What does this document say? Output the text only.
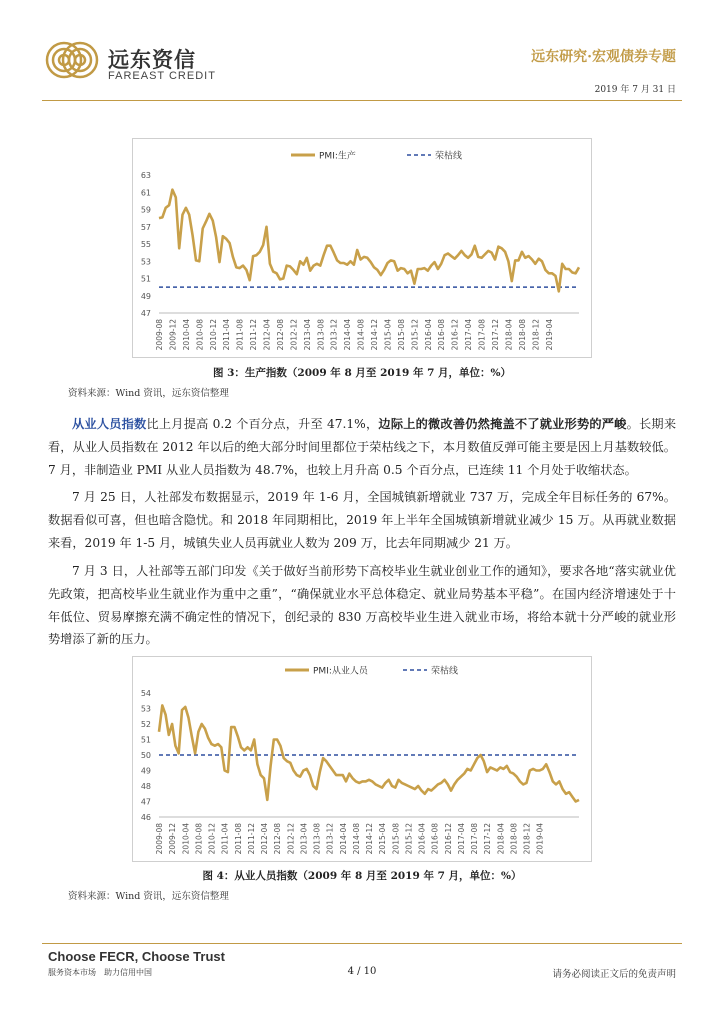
远东资信
FAREAST CREDIT
远东研究·宏观债券专题
2019 年 7 月 31 日
PMI:生产	荣枯线
47
49
51
53
55
57
59
61
63
2009-08 2009-12 2010-04 2010-08 2010-12 2011-04 2011-08 2011-12 2012-04 2012-08 2012-12 2013-04 2013-08 2013-12 2014-04 2014-08 2014-12 2015-04 2015-08 2015-12 2016-04 2016-08 2016-12 2017-04 2017-08 2017-12 2018-04 2018-08 2018-12 2019-04
图 3：生产指数（2009 年 8 月至 2019 年 7 月，单位：%）
资料来源：Wind 资讯，远东资信整理
从业人员指数比上月提高 0.2 个百分点，升至 47.1%，边际上的微改善仍然掩盖不了就业形势的严峻。长期来看，从业人员指数在 2012 年以后的绝大部分时间里都位于荣枯线之下，本月数值反弹可能主要是因上月基数较低。7 月，非制造业 PMI 从业人员指数为 48.7%，也较上月升高 0.5 个百分点，已连续 11 个月处于收缩状态。
7 月 25 日，人社部发布数据显示，2019 年 1-6 月，全国城镇新增就业 737 万，完成全年目标任务的 67%。数据看似可喜，但也暗含隐忧。和 2018 年同期相比，2019 年上半年全国城镇新增就业减少 15 万。从再就业数据来看，2019 年 1-5 月，城镇失业人员再就业人数为 209 万，比去年同期减少 21 万。
7 月 3 日，人社部等五部门印发《关于做好当前形势下高校毕业生就业创业工作的通知》，要求各地“落实就业优先政策，把高校毕业生就业作为重中之重”，“确保就业水平总体稳定、就业局势基本平稳”。在国内经济增速处于十年低位、贸易摩擦充满不确定性的情况下，创纪录的 830 万高校毕业生进入就业市场，将给本就十分严峻的就业形势增添了新的压力。
PMI:从业人员	荣枯线
46
47
48
49
50
51
52
53
54
2009-08 2009-12 2010-04 2010-08 2010-12 2011-04 2011-08 2011-12 2012-04 2012-08 2012-12 2013-04 2013-08 2013-12 2014-04 2014-08 2014-12 2015-04 2015-08 2015-12 2016-04 2016-08 2016-12 2017-04 2017-08 2017-12 2018-04 2018-08 2018-12 2019-04
图 4：从业人员指数（2009 年 8 月至 2019 年 7 月，单位：%）
资料来源：Wind 资讯，远东资信整理
Choose FECR, Choose Trust
服务资本市场　助力信用中国	4 / 10	请务必阅读正文后的免责声明
